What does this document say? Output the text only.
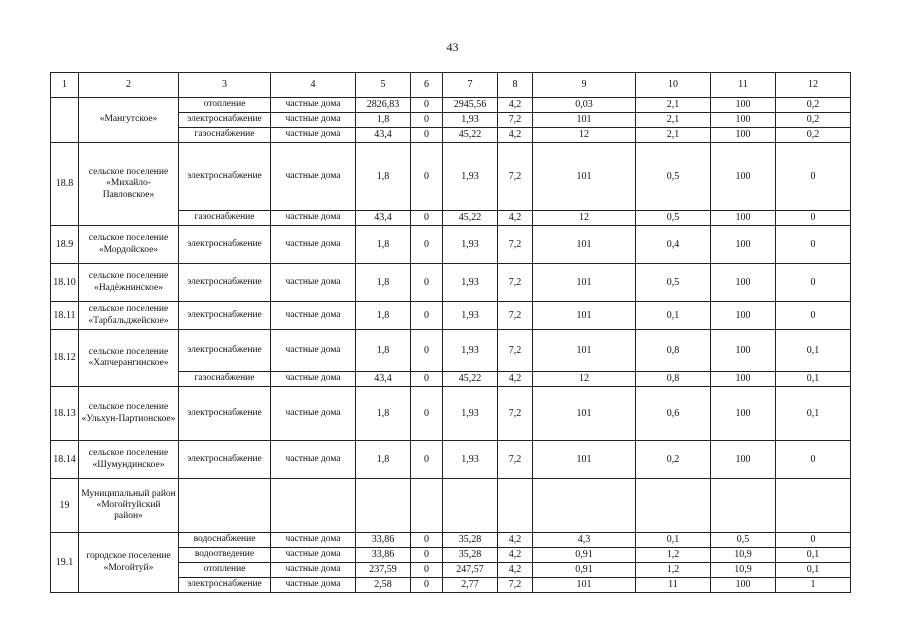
43
1	2	3	4	5	6	7	8	9	10	11	12
	«Мангутское»	отопление	частные дома	2826,83	0	2945,56	4,2	0,03	2,1	100	0,2
		электроснабжение	частные дома	1,8	0	1,93	7,2	101	2,1	100	0,2
		газоснабжение	частные дома	43,4	0	45,22	4,2	12	2,1	100	0,2
18.8	сельское поселение «Михайло-Павловское»	электроснабжение	частные дома	1,8	0	1,93	7,2	101	0,5	100	0
		газоснабжение	частные дома	43,4	0	45,22	4,2	12	0,5	100	0
18.9	сельское поселение «Мордойское»	электроснабжение	частные дома	1,8	0	1,93	7,2	101	0,4	100	0
18.10	сельское поселение «Надёжнинское»	электроснабжение	частные дома	1,8	0	1,93	7,2	101	0,5	100	0
18.11	сельское поселение «Тарбальджейское»	электроснабжение	частные дома	1,8	0	1,93	7,2	101	0,1	100	0
18.12	сельское поселение «Хапчерангинское»	электроснабжение	частные дома	1,8	0	1,93	7,2	101	0,8	100	0,1
		газоснабжение	частные дома	43,4	0	45,22	4,2	12	0,8	100	0,1
18.13	сельское поселение «Ульхун-Партионское»	электроснабжение	частные дома	1,8	0	1,93	7,2	101	0,6	100	0,1
18.14	сельское поселение «Шумундинское»	электроснабжение	частные дома	1,8	0	1,93	7,2	101	0,2	100	0
19	Муниципальный район «Могойтуйский район»										
19.1	городское поселение «Могойтуй»	водоснабжение	частные дома	33,86	0	35,28	4,2	4,3	0,1	0,5	0
		водоотведение	частные дома	33,86	0	35,28	4,2	0,91	1,2	10,9	0,1
		отопление	частные дома	237,59	0	247,57	4,2	0,91	1,2	10,9	0,1
		электроснабжение	частные дома	2,58	0	2,77	7,2	101	11	100	1
